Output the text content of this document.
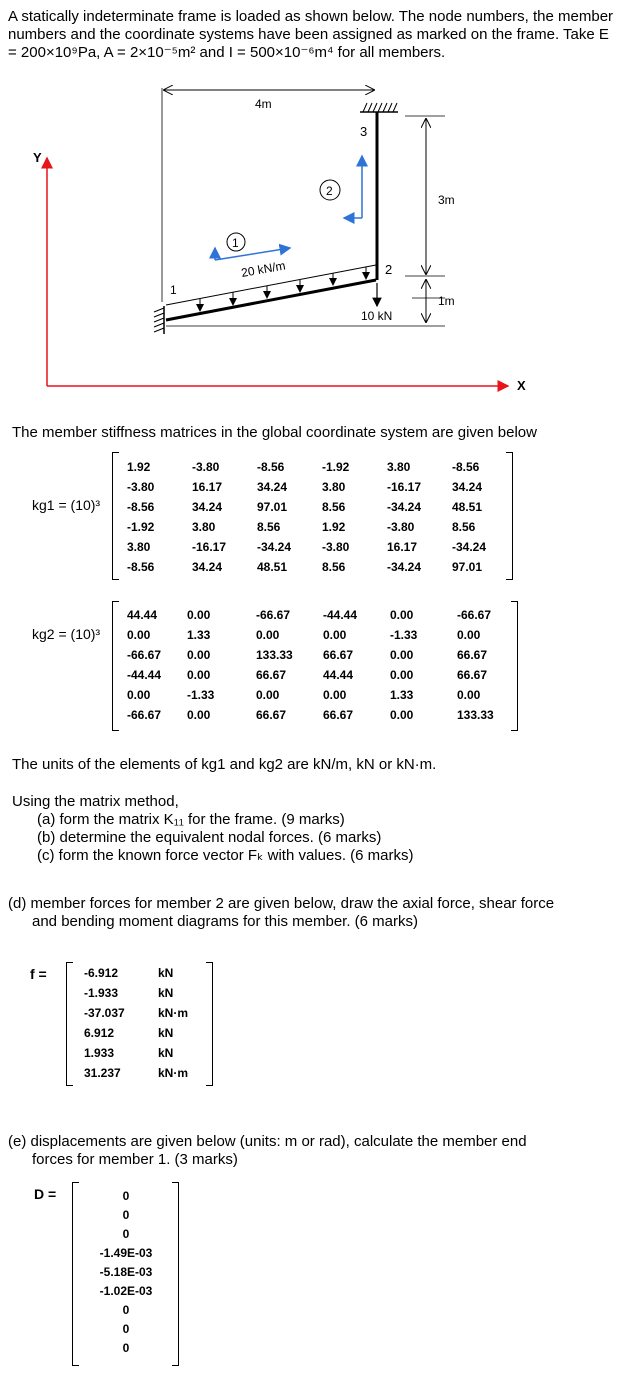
A statically indeterminate frame is loaded as shown below. The node numbers, the member numbers and the coordinate systems have been assigned as marked on the frame. Take E = 200×10⁹Pa, A = 2×10⁻⁵m² and I = 500×10⁻⁶m⁴ for all members.
Y
X
4m
3m
1m
3
1
2
20 kN/m
10 kN
1
2
The member stiffness matrices in the global coordinate system are given below
kg1 = (10)³
1.92	-3.80	-8.56	-1.92	3.80	-8.56
-3.80	16.17	34.24	3.80	-16.17	34.24
-8.56	34.24	97.01	8.56	-34.24	48.51
-1.92	3.80	8.56	1.92	-3.80	8.56
3.80	-16.17	-34.24	-3.80	16.17	-34.24
-8.56	34.24	48.51	8.56	-34.24	97.01
kg2 = (10)³
44.44 0.00	-66.67	-44.44	0.00	-66.67
0.00	1.33	0.00	0.00	-1.33	0.00
-66.67 0.00	133.33	66.67	0.00	66.67
-44.44 0.00	66.67	44.44	0.00	66.67
0.00	-1.33	0.00	0.00	1.33	0.00
-66.67 0.00	66.67	66.67	0.00	133.33
The units of the elements of kg1 and kg2 are kN/m, kN or kN·m.
Using the matrix method,
(a) form the matrix K₁₁ for the frame. (9 marks)
(b) determine the equivalent nodal forces. (6 marks)
(c) form the known force vector Fₖ with values. (6 marks)
(d) member forces for member 2 are given below, draw the axial force, shear force and bending moment diagrams for this member. (6 marks)
f =	-6.912	kN
-1.933	kN
-37.037	kN·m
6.912	kN
1.933	kN
31.237	kN·m
(e) displacements are given below (units: m or rad), calculate the member end forces for member 1. (3 marks)
D =	0
0
0
-1.49E-03
-5.18E-03
-1.02E-03
0
0
0
